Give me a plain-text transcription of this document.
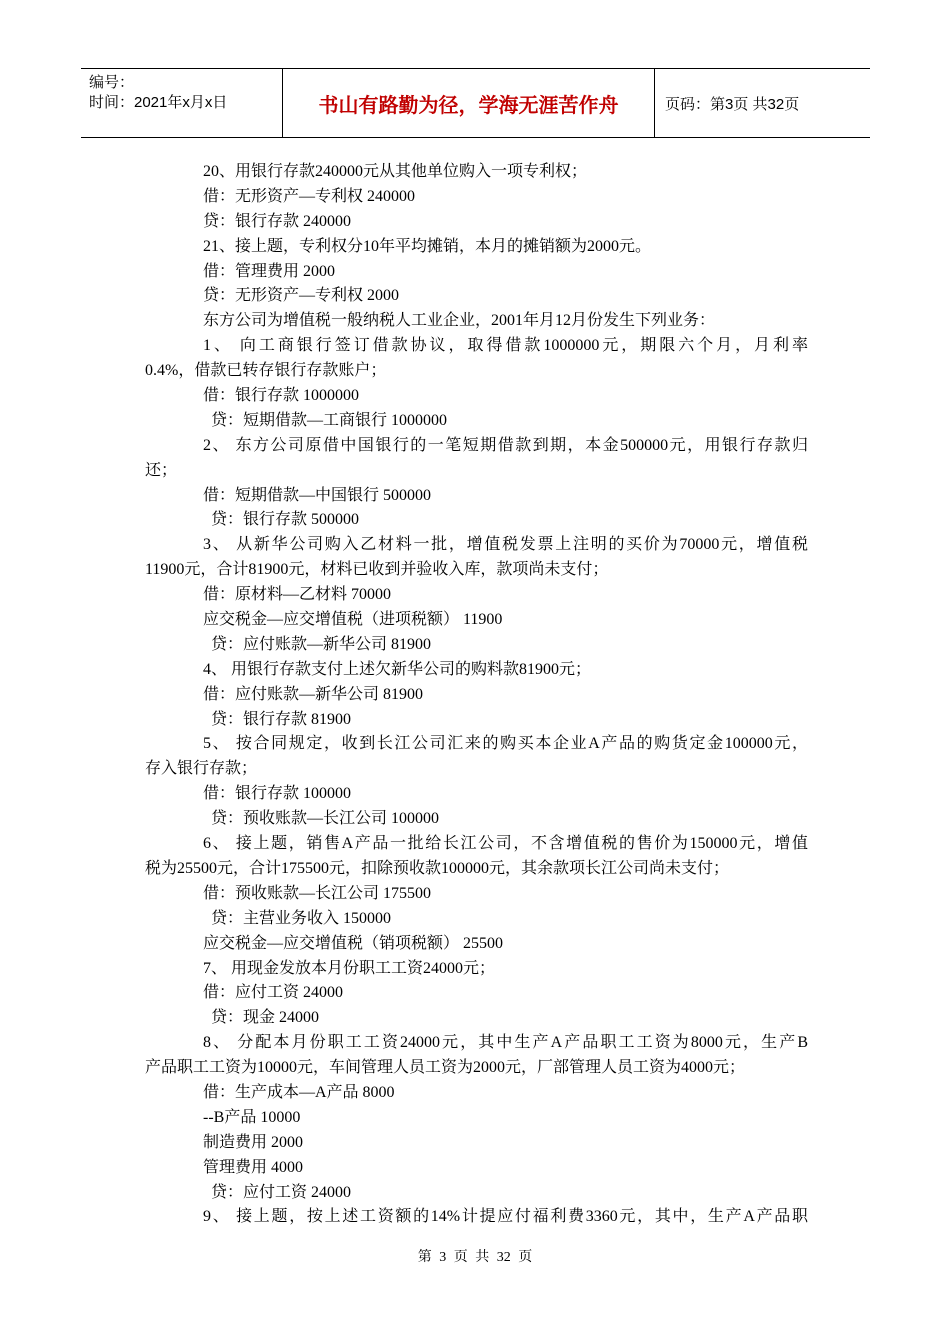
编号：
时间：2021年x月x日	书山有路勤为径，学海无涯苦作舟	页码：第3页 共32页
20、用银行存款240000元从其他单位购入一项专利权；
借：无形资产—专利权 240000
贷：银行存款 240000
21、接上题，专利权分10年平均摊销，本月的摊销额为2000元。
借：管理费用 2000
贷：无形资产—专利权 2000
东方公司为增值税一般纳税人工业企业，2001年月12月份发生下列业务：
1、 向工商银行签订借款协议，取得借款1000000元，期限六个月，月利率
0.4%，借款已转存银行存款账户；
借：银行存款 1000000
贷：短期借款—工商银行 1000000
2、 东方公司原借中国银行的一笔短期借款到期，本金500000元，用银行存款归
还；
借：短期借款—中国银行 500000
贷：银行存款 500000
3、 从新华公司购入乙材料一批，增值税发票上注明的买价为70000元，增值税
11900元，合计81900元，材料已收到并验收入库，款项尚未支付；
借：原材料—乙材料 70000
应交税金—应交增值税（进项税额） 11900
贷：应付账款—新华公司 81900
4、 用银行存款支付上述欠新华公司的购料款81900元；
借：应付账款—新华公司 81900
贷：银行存款 81900
5、 按合同规定，收到长江公司汇来的购买本企业A产品的购货定金100000元，
存入银行存款；
借：银行存款 100000
贷：预收账款—长江公司 100000
6、 接上题，销售A产品一批给长江公司，不含增值税的售价为150000元，增值
税为25500元，合计175500元，扣除预收款100000元，其余款项长江公司尚未支付；
借：预收账款—长江公司 175500
贷：主营业务收入 150000
应交税金—应交增值税（销项税额） 25500
7、 用现金发放本月份职工工资24000元；
借：应付工资 24000
贷：现金 24000
8、 分配本月份职工工资24000元，其中生产A产品职工工资为8000元，生产B
产品职工工资为10000元，车间管理人员工资为2000元，厂部管理人员工资为4000元；
借：生产成本—A产品 8000
--B产品 10000
制造费用 2000
管理费用 4000
贷：应付工资 24000
9、 接上题，按上述工资额的14%计提应付福利费3360元，其中，生产A产品职
第 3 页 共 32 页
